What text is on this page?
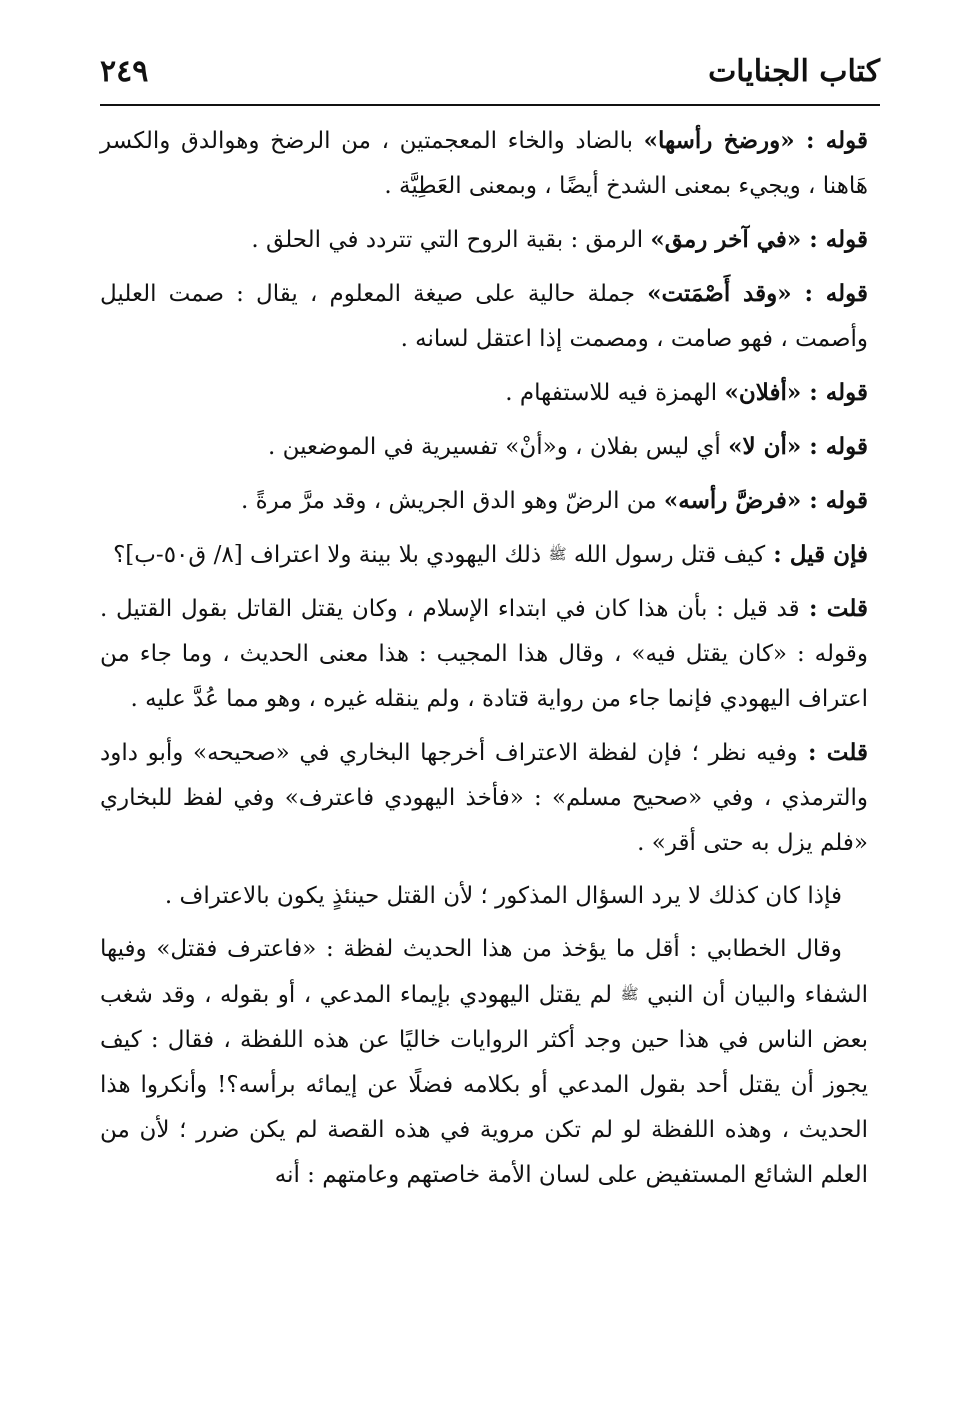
كتاب الجنايات
٢٤٩

قوله : «ورضخ رأسها» بالضاد والخاء المعجمتين ، من الرضخ وهوالدق والكسر هَاهنا ، ويجيء بمعنى الشدخ أيضًا ، وبمعنى العَطِيَّة .

قوله : «في آخر رمق» الرمق : بقية الروح التي تتردد في الحلق .

قوله : «وقد أَصْمَتت» جملة حالية على صيغة المعلوم ، يقال : صمت العليل وأصمت ، فهو صامت ، ومصمت إذا اعتقل لسانه .

قوله : «أفلان» الهمزة فيه للاستفهام .

قوله : «أن لا» أي ليس بفلان ، و«أنْ» تفسيرية في الموضعين .

قوله : «فرضَّ رأسه» من الرضّ وهو الدق الجريش ، وقد مرَّ مرةً .

فإن قيل : كيف قتل رسول الله ﷺ ذلك اليهودي بلا بينة ولا اعتراف [٨/ ق٥٠-ب]؟

قلت : قد قيل : بأن هذا كان في ابتداء الإسلام ، وكان يقتل القاتل بقول القتيل . وقوله : «كان يقتل فيه» ، وقال هذا المجيب : هذا معنى الحديث ، وما جاء من اعتراف اليهودي فإنما جاء من رواية قتادة ، ولم ينقله غيره ، وهو مما عُدَّ عليه .

قلت : وفيه نظر ؛ فإن لفظة الاعتراف أخرجها البخاري في «صحيحه» وأبو داود والترمذي ، وفي «صحيح مسلم» : «فأخذ اليهودي فاعترف» وفي لفظ للبخاري «فلم يزل به حتى أقر» .

فإذا كان كذلك لا يرد السؤال المذكور ؛ لأن القتل حينئذٍ يكون بالاعتراف .

وقال الخطابي : أقل ما يؤخذ من هذا الحديث لفظة : «فاعترف فقتل» وفيها الشفاء والبيان أن النبي ﷺ لم يقتل اليهودي بإيماء المدعي ، أو بقوله ، وقد شغب بعض الناس في هذا حين وجد أكثر الروايات خاليًا عن هذه اللفظة ، فقال : كيف يجوز أن يقتل أحد بقول المدعي أو بكلامه فضلًا عن إيمائه برأسه؟! وأنكروا هذا الحديث ، وهذه اللفظة لو لم تكن مروية في هذه القصة لم يكن ضرر ؛ لأن من العلم الشائع المستفيض على لسان الأمة خاصتهم وعامتهم : أنه
